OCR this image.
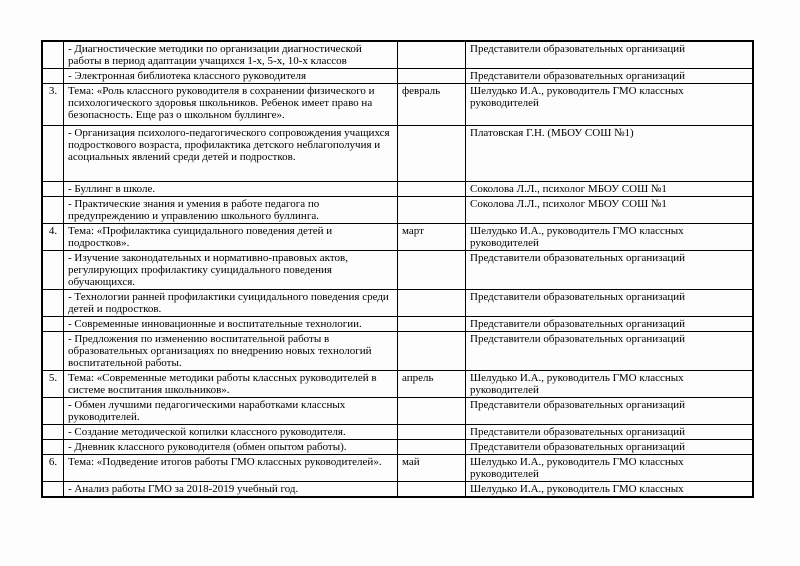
	- Диагностические методики по организации диагностической работы в период адаптации учащихся 1-х, 5-х, 10-х классов		Представители образовательных организаций
	- Электронная библиотека классного руководителя		Представители образовательных организаций
3.	Тема: «Роль классного руководителя в сохранении физического и психологического здоровья школьников. Ребенок имеет право на безопасность. Еще раз о школьном буллинге».	февраль	Шелудько И.А., руководитель ГМО классных руководителей
	- Организация психолого-педагогического сопровождения учащихся подросткового возраста, профилактика детского неблагополучия и асоциальных явлений среди детей и подростков.		Платовская Г.Н. (МБОУ СОШ №1)
	- Буллинг в школе.		Соколова Л.Л., психолог МБОУ СОШ №1
	- Практические знания и умения в работе педагога по предупреждению и управлению школьного буллинга.		Соколова Л.Л., психолог МБОУ СОШ №1
4.	Тема: «Профилактика суицидального поведения детей и подростков».	март	Шелудько И.А., руководитель ГМО классных руководителей
	- Изучение законодательных и нормативно-правовых актов, регулирующих профилактику суицидального поведения обучающихся.		Представители образовательных организаций
	- Технологии ранней профилактики суицидального поведения среди детей и подростков.		Представители образовательных организаций
	- Современные инновационные и воспитательные технологии.		Представители образовательных организаций
	- Предложения по изменению воспитательной работы в образовательных организациях по внедрению новых технологий воспитательной работы.		Представители образовательных организаций
5.	Тема: «Современные методики работы классных руководителей в системе воспитания школьников».	апрель	Шелудько И.А., руководитель ГМО классных руководителей
	- Обмен лучшими педагогическими наработками классных руководителей.		Представители образовательных организаций
	- Создание методической копилки классного руководителя.		Представители образовательных организаций
	- Дневник классного руководителя (обмен опытом работы).		Представители образовательных организаций
6.	Тема: «Подведение итогов работы ГМО классных руководителей».	май	Шелудько И.А., руководитель ГМО классных руководителей
	- Анализ работы ГМО за 2018-2019 учебный год.		Шелудько И.А., руководитель ГМО классных
